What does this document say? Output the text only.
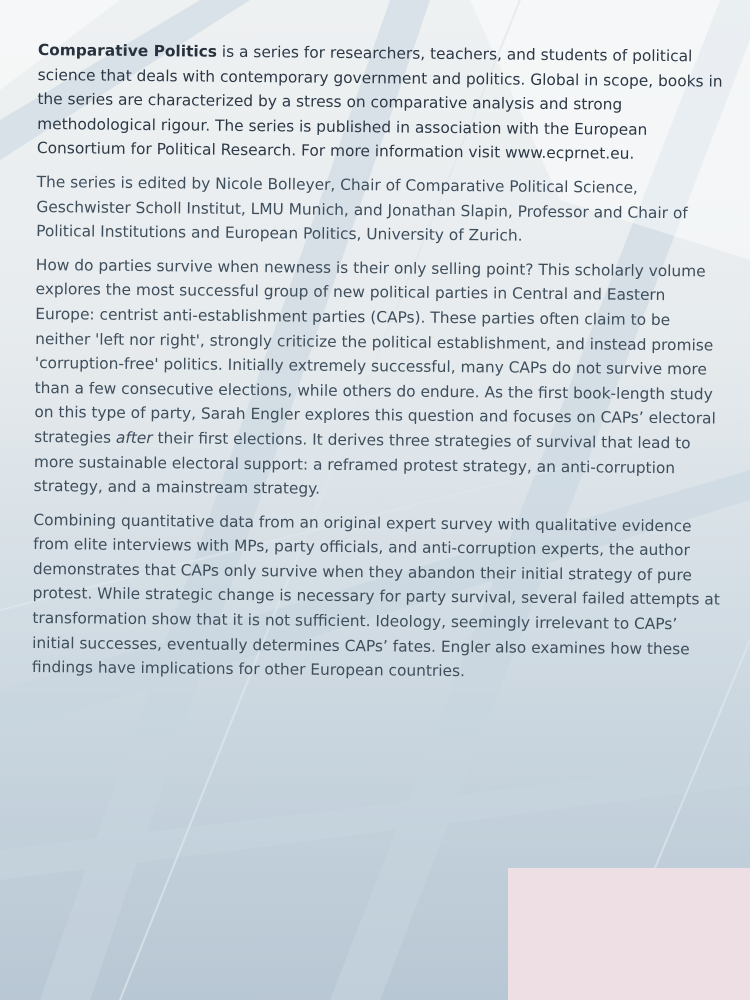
Comparative Politics is a series for researchers, teachers, and students of political science that deals with contemporary government and politics. Global in scope, books in the series are characterized by a stress on comparative analysis and strong methodological rigour. The series is published in association with the European Consortium for Political Research. For more information visit www.ecprnet.eu.

The series is edited by Nicole Bolleyer, Chair of Comparative Political Science, Geschwister Scholl Institut, LMU Munich, and Jonathan Slapin, Professor and Chair of Political Institutions and European Politics, University of Zurich.

How do parties survive when newness is their only selling point? This scholarly volume explores the most successful group of new political parties in Central and Eastern Europe: centrist anti-establishment parties (CAPs). These parties often claim to be neither 'left nor right', strongly criticize the political establishment, and instead promise 'corruption-free' politics. Initially extremely successful, many CAPs do not survive more than a few consecutive elections, while others do endure. As the first book-length study on this type of party, Sarah Engler explores this question and focuses on CAPs’ electoral strategies after their first elections. It derives three strategies of survival that lead to more sustainable electoral support: a reframed protest strategy, an anti-corruption strategy, and a mainstream strategy.

Combining quantitative data from an original expert survey with qualitative evidence from elite interviews with MPs, party officials, and anti-corruption experts, the author demonstrates that CAPs only survive when they abandon their initial strategy of pure protest. While strategic change is necessary for party survival, several failed attempts at transformation show that it is not sufficient. Ideology, seemingly irrelevant to CAPs’ initial successes, eventually determines CAPs’ fates. Engler also examines how these findings have implications for other European countries.
